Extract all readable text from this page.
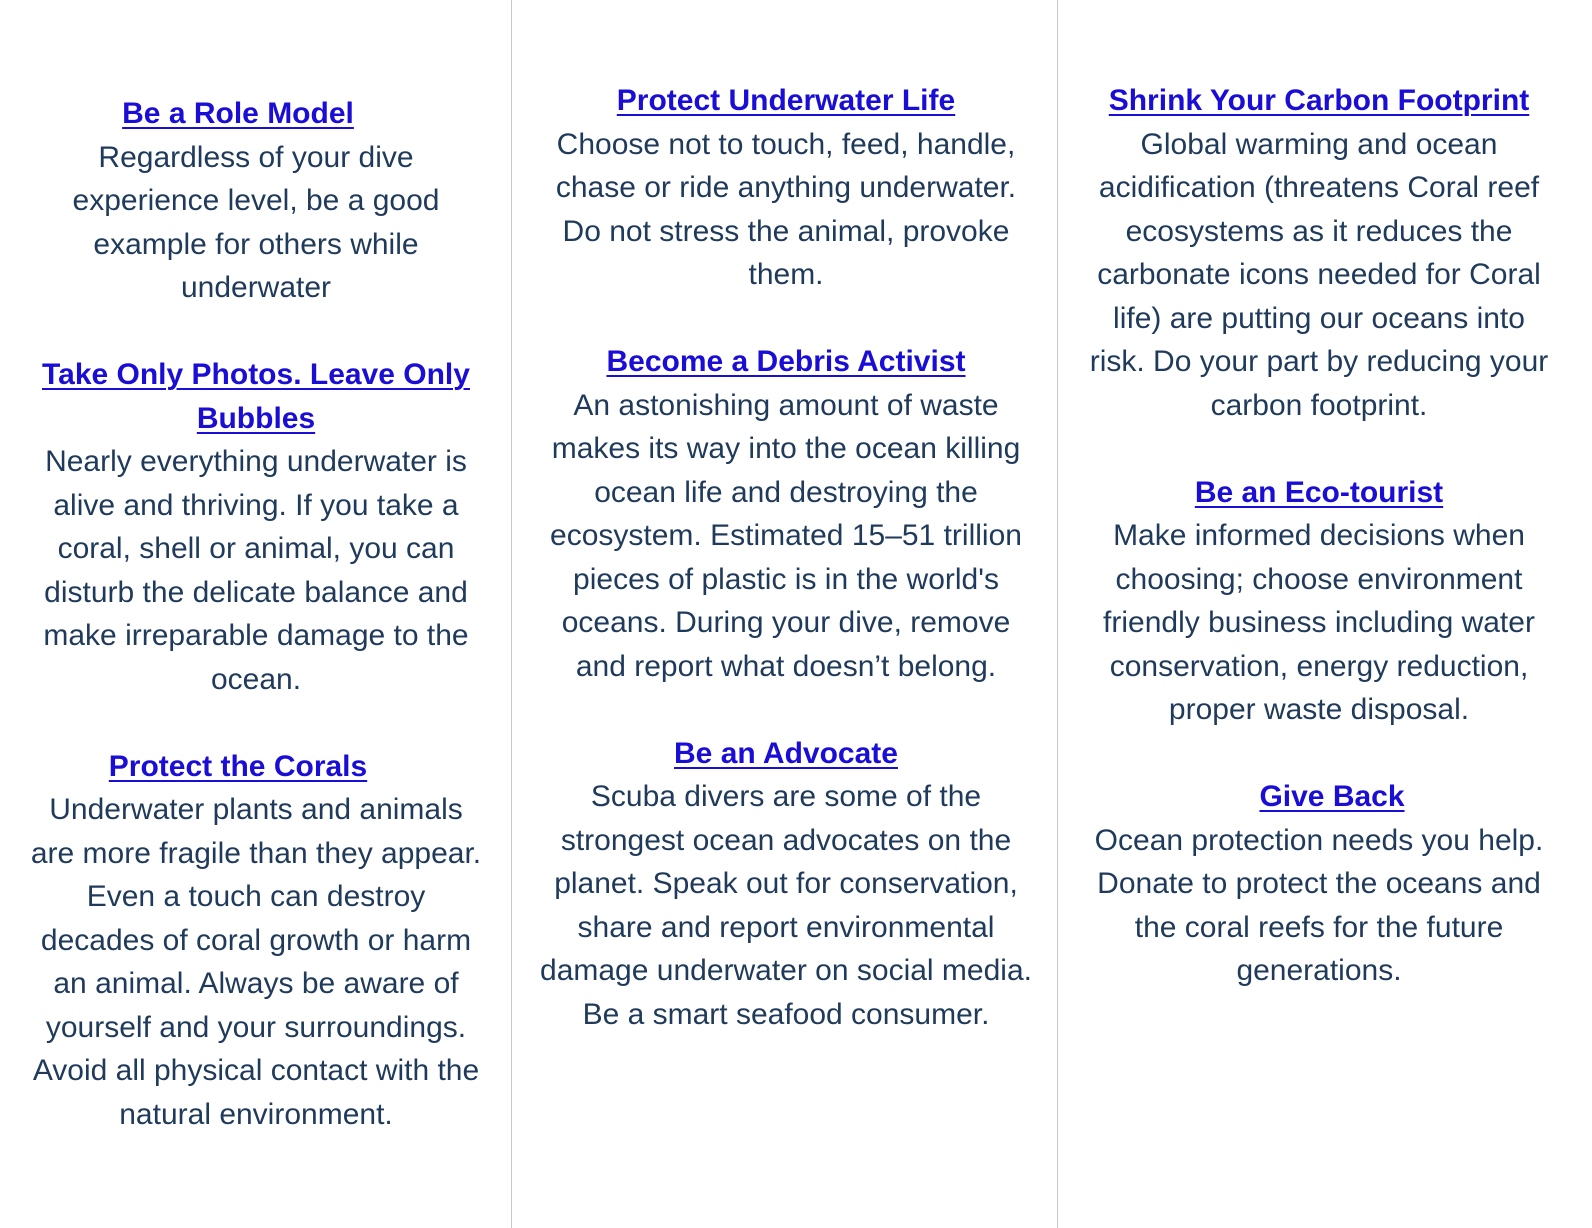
Be a Role Model
Regardless of your dive experience level, be a good example for others while underwater
Take Only Photos. Leave Only Bubbles
Nearly everything underwater is alive and thriving. If you take a coral, shell or animal, you can disturb the delicate balance and make irreparable damage to the ocean.
Protect the Corals
Underwater plants and animals are more fragile than they appear. Even a touch can destroy decades of coral growth or harm an animal. Always be aware of yourself and your surroundings. Avoid all physical contact with the natural environment.
Protect Underwater Life
Choose not to touch, feed, handle, chase or ride anything underwater. Do not stress the animal, provoke them.
Become a Debris Activist
An astonishing amount of waste makes its way into the ocean killing ocean life and destroying the ecosystem. Estimated 15–51 trillion pieces of plastic is in the world's oceans. During your dive, remove and report what doesn’t belong.
Be an Advocate
Scuba divers are some of the strongest ocean advocates on the planet. Speak out for conservation, share and report environmental damage underwater on social media. Be a smart seafood consumer.
Shrink Your Carbon Footprint
Global warming and ocean acidification (threatens Coral reef ecosystems as it reduces the carbonate icons needed for Coral life) are putting our oceans into risk. Do your part by reducing your carbon footprint.
Be an Eco-tourist
Make informed decisions when choosing; choose environment friendly business including water conservation, energy reduction, proper waste disposal.
Give Back
Ocean protection needs you help. Donate to protect the oceans and the coral reefs for the future generations.
